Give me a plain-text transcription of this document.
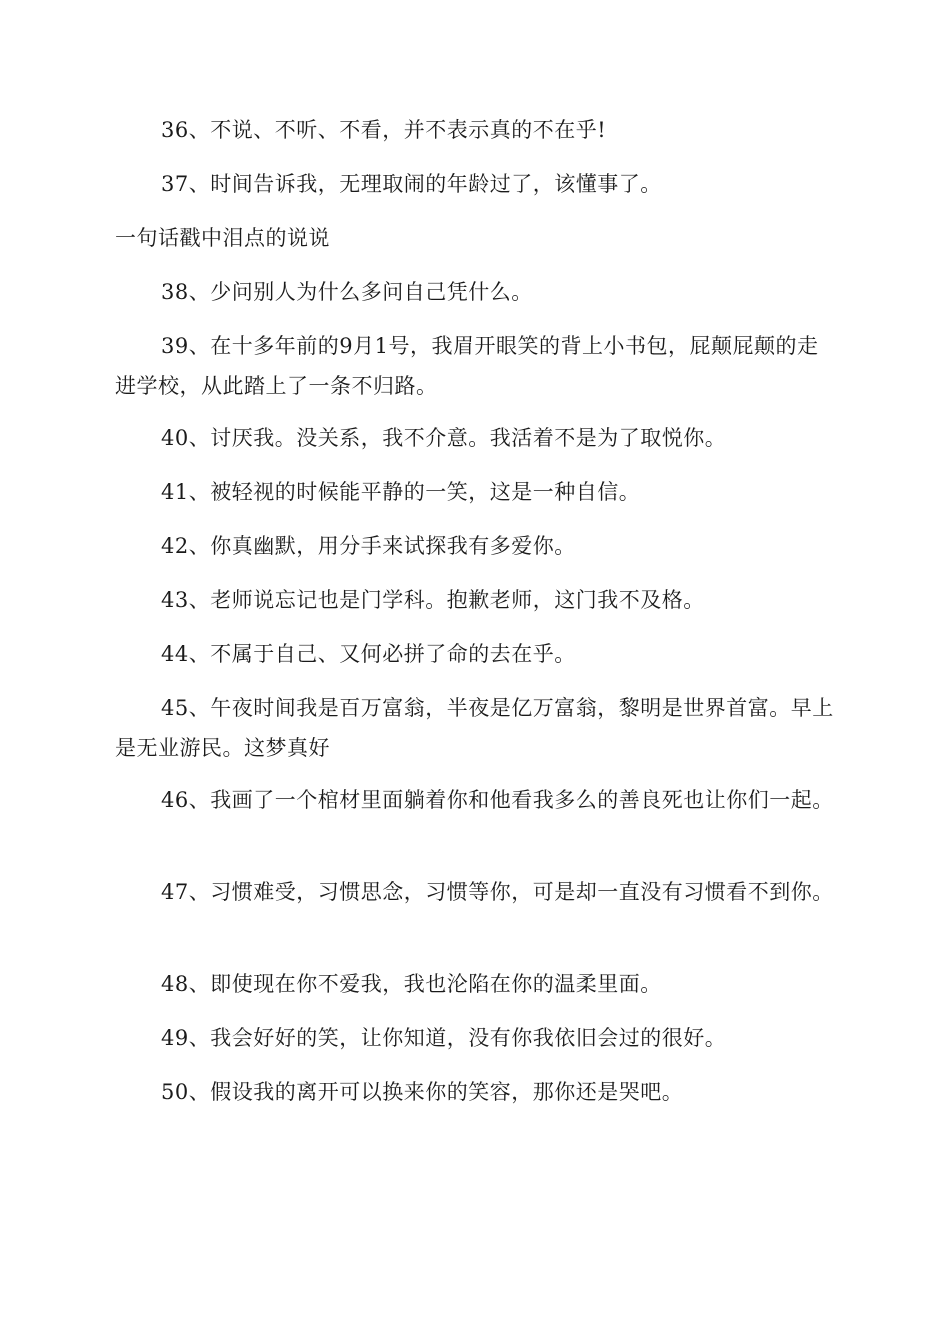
36、不说、不听、不看，并不表示真的不在乎!

37、时间告诉我，无理取闹的年龄过了，该懂事了。

一句话戳中泪点的说说

38、少问别人为什么多问自己凭什么。

39、在十多年前的9月1号，我眉开眼笑的背上小书包，屁颠屁颠的走进学校，从此踏上了一条不归路。

40、讨厌我。没关系，我不介意。我活着不是为了取悦你。

41、被轻视的时候能平静的一笑，这是一种自信。

42、你真幽默，用分手来试探我有多爱你。

43、老师说忘记也是门学科。抱歉老师，这门我不及格。

44、不属于自己、又何必拼了命的去在乎。

45、午夜时间我是百万富翁，半夜是亿万富翁，黎明是世界首富。早上是无业游民。这梦真好

46、我画了一个棺材里面躺着你和他看我多么的善良死也让你们一起。

47、习惯难受，习惯思念，习惯等你，可是却一直没有习惯看不到你。

48、即使现在你不爱我，我也沦陷在你的温柔里面。

49、我会好好的笑，让你知道，没有你我依旧会过的很好。

50、假设我的离开可以换来你的笑容，那你还是哭吧。
